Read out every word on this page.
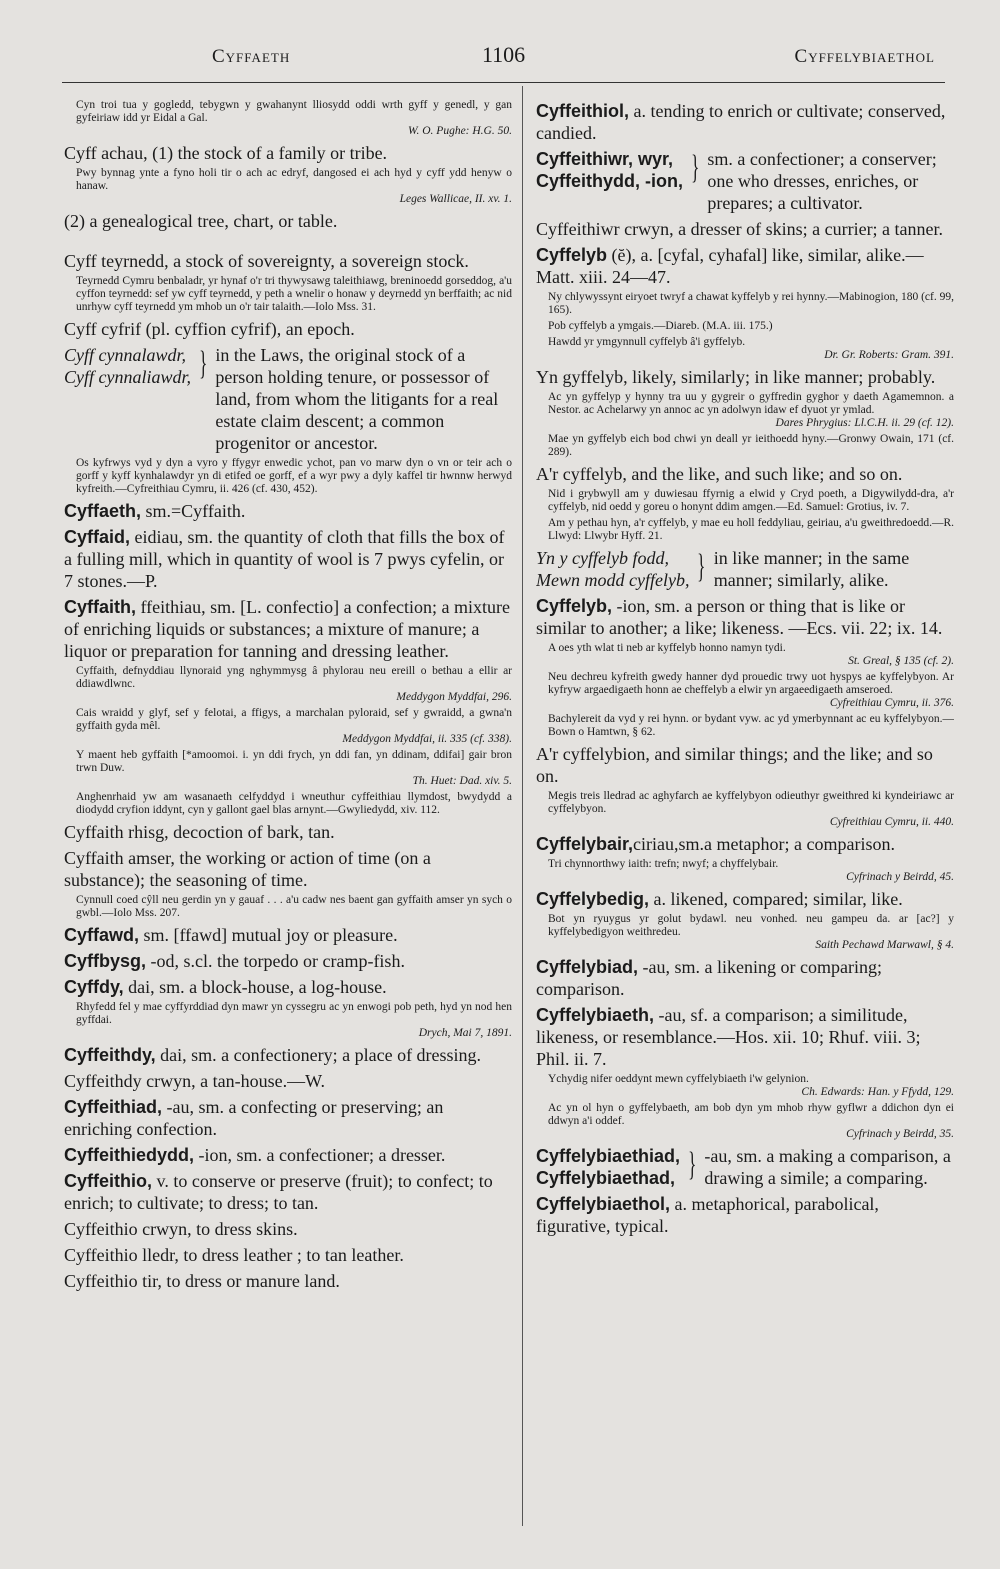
Cyffaeth	1106	Cyffelybiaethol

Cyn troi tua y gogledd, tebygwn y gwahanynt lliosydd oddi wrth gyff y genedl, y gan gyfeiriaw idd yr Eidal a Gal.

W. O. Pughe: H.G. 50.

Cyff achau, (1) the stock of a family or tribe.

Pwy bynnag ynte a fyno holi tir o ach ac edryf, dangosed ei ach hyd y cyff ydd henyw o hanaw.

Leges Wallicae, II. xv. 1.

(2) a genealogical tree, chart, or table.

Cyff teyrnedd, a stock of sovereignty, a sovereign stock.

Teyrnedd Cymru benbaladr, yr hynaf o'r tri thywysawg taleithiawg, breninoedd gorseddog, a'u cyffon teyrnedd: sef yw cyff teyrnedd, y peth a wnelir o honaw y deyrnedd yn berffaith; ac nid unrhyw cyff teyrnedd ym mhob un o'r tair talaith.—Iolo Mss. 31.

Cyff cyfrif (pl. cyffion cyfrif), an epoch.

Cyff cynnalawdr,
Cyff cynnaliawdr, } in the Laws, the original stock of a person holding tenure, or possessor of land, from whom the litigants for a real estate claim descent; a common progenitor or ancestor.

Os kyfrwys vyd y dyn a vyro y ffygyr enwedic ychot, pan vo marw dyn o vn or teir ach o gorff y kyff kynhalawdyr yn di etifed oe gorff, ef a wyr pwy a dyly kaffel tir hwnnw herwyd kyfreith.—Cyfreithiau Cymru, ii. 426 (cf. 430, 452).

Cyffaeth, sm.=Cyffaith.

Cyffaid, eidiau, sm. the quantity of cloth that fills the box of a fulling mill, which in quantity of wool is 7 pwys cyfelin, or 7 stones.—P.

Cyffaith, ffeithiau, sm. [L. confectio] a confection; a mixture of enriching liquids or substances; a mixture of manure; a liquor or preparation for tanning and dressing leather.

Cyffaith, defnyddiau llynoraid yng nghymmysg â phylorau neu ereill o bethau a ellir ar ddiawdlwnc.

Meddygon Myddfai, 296.

Cais wraidd y glyf, sef y felotai, a ffigys, a marchalan pyloraid, sef y gwraidd, a gwna'n gyffaith gyda mêl.

Meddygon Myddfai, ii. 335 (cf. 338).

Y maent heb gyffaith [*amoomoi. i. yn ddi frych, yn ddi fan, yn ddinam, ddifai] gair bron trwn Duw.

Th. Huet: Dad. xiv. 5.

Anghenrhaid yw am wasanaeth celfyddyd i wneuthur cyffeithiau llymdost, bwydydd a diodydd cryfion iddynt, cyn y gallont gael blas arnynt.—Gwyliedydd, xiv. 112.

Cyffaith rhisg, decoction of bark, tan.

Cyffaith amser, the working or action of time (on a substance); the seasoning of time.

Cynnull coed cŷll neu gerdin yn y gauaf . . . a'u cadw nes baent gan gyffaith amser yn sych o gwbl.—Iolo Mss. 207.

Cyffawd, sm. [ffawd] mutual joy or pleasure.

Cyffbysg, -od, s.cl. the torpedo or cramp-fish.

Cyffdy, dai, sm. a block-house, a log-house.

Rhyfedd fel y mae cyffyrddiad dyn mawr yn cyssegru ac yn enwogi pob peth, hyd yn nod hen gyffdai.

Drych, Mai 7, 1891.

Cyffeithdy, dai, sm. a confectionery; a place of dressing.

Cyffeithdy crwyn, a tan-house.—W.

Cyffeithiad, -au, sm. a confecting or preserving; an enriching confection.

Cyffeithiedydd, -ion, sm. a confectioner; a dresser.

Cyffeithio, v. to conserve or preserve (fruit); to confect; to enrich; to cultivate; to dress; to tan.

Cyffeithio crwyn, to dress skins.

Cyffeithio lledr, to dress leather ; to tan leather.

Cyffeithio tir, to dress or manure land.

Cyffeithiol, a. tending to enrich or cultivate; conserved, candied.

Cyffeithiwr, wyr,
Cyffeithydd, -ion, } sm. a confectioner; a conserver; one who dresses, enriches, or prepares; a cultivator.

Cyffeithiwr crwyn, a dresser of skins; a currier; a tanner.

Cyffelyb (ĕ), a. [cyfal, cyhafal] like, similar, alike.—Matt. xiii. 24—47.

Ny chlywyssynt eiryoet twryf a chawat kyffelyb y rei hynny.—Mabinogion, 180 (cf. 99, 165).

Pob cyffelyb a ymgais.—Diareb. (M.A. iii. 175.)

Hawdd yr ymgynnull cyffelyb â'i gyffelyb.

Dr. Gr. Roberts: Gram. 391.

Yn gyffelyb, likely, similarly; in like manner; probably.

Ac yn gyffelyp y hynny tra uu y gygreir o gyffredin gyghor y daeth Agamemnon. a Nestor. ac Achelarwy yn annoc ac yn adolwyn idaw ef dyuot yr ymlad.

Dares Phrygius: Ll.C.H. ii. 29 (cf. 12).

Mae yn gyffelyb eich bod chwi yn deall yr ieithoedd hyny.—Gronwy Owain, 171 (cf. 289).

A'r cyffelyb, and the like, and such like; and so on.

Nid i grybwyll am y duwiesau ffyrnig a elwid y Cryd poeth, a Digywilydd-dra, a'r cyffelyb, nid oedd y goreu o honynt ddim amgen.—Ed. Samuel: Grotius, iv. 7.

Am y pethau hyn, a'r cyffelyb, y mae eu holl feddyliau, geiriau, a'u gweithredoedd.—R. Llwyd: Llwybr Hyff. 21.

Yn y cyffelyb fodd,
Mewn modd cyffelyb, } in like manner; in the same manner; similarly, alike.

Cyffelyb, -ion, sm. a person or thing that is like or similar to another; a like; likeness. —Ecs. vii. 22; ix. 14.

A oes yth wlat ti neb ar kyffelyb honno namyn tydi.

St. Greal, § 135 (cf. 2).

Neu dechreu kyfreith gwedy hanner dyd prouedic trwy uot hyspys ae kyffelybyon. Ar kyfryw argaedigaeth honn ae cheffelyb a elwir yn argaeedigaeth amseroed.

Cyfreithiau Cymru, ii. 376.

Bachylereit da vyd y rei hynn. or bydant vyw. ac yd ymerbynnant ac eu kyffelybyon.—Bown o Hamtwn, § 62.

A'r cyffelybion, and similar things; and the like; and so on.

Megis treis lledrad ac aghyfarch ae kyffelybyon odieuthyr gweithred ki kyndeiriawc ar cyffelybyon.

Cyfreithiau Cymru, ii. 440.

Cyffelybair,ciriau,sm.a metaphor; a comparison.

Tri chynnorthwy iaith: trefn; nwyf; a chyffelybair.

Cyfrinach y Beirdd, 45.

Cyffelybedig, a. likened, compared; similar, like.

Bot yn ryuygus yr golut bydawl. neu vonhed. neu gampeu da. ar [ac?] y kyffelybedigyon weithredeu.

Saith Pechawd Marwawl, § 4.

Cyffelybiad, -au, sm. a likening or comparing; comparison.

Cyffelybiaeth, -au, sf. a comparison; a similitude, likeness, or resemblance.—Hos. xii. 10; Rhuf. viii. 3; Phil. ii. 7.

Ychydig nifer oeddynt mewn cyffelybiaeth i'w gelynion.

Ch. Edwards: Han. y Ffydd, 129.

Ac yn ol hyn o gyffelybaeth, am bob dyn ym mhob rhyw gyflwr a ddichon dyn ei ddwyn a'i oddef.

Cyfrinach y Beirdd, 35.

Cyffelybiaethiad,
Cyffelybiaethad, } -au, sm. a making a comparison, a drawing a simile; a comparing.

Cyffelybiaethol, a. metaphorical, parabolical, figurative, typical.
